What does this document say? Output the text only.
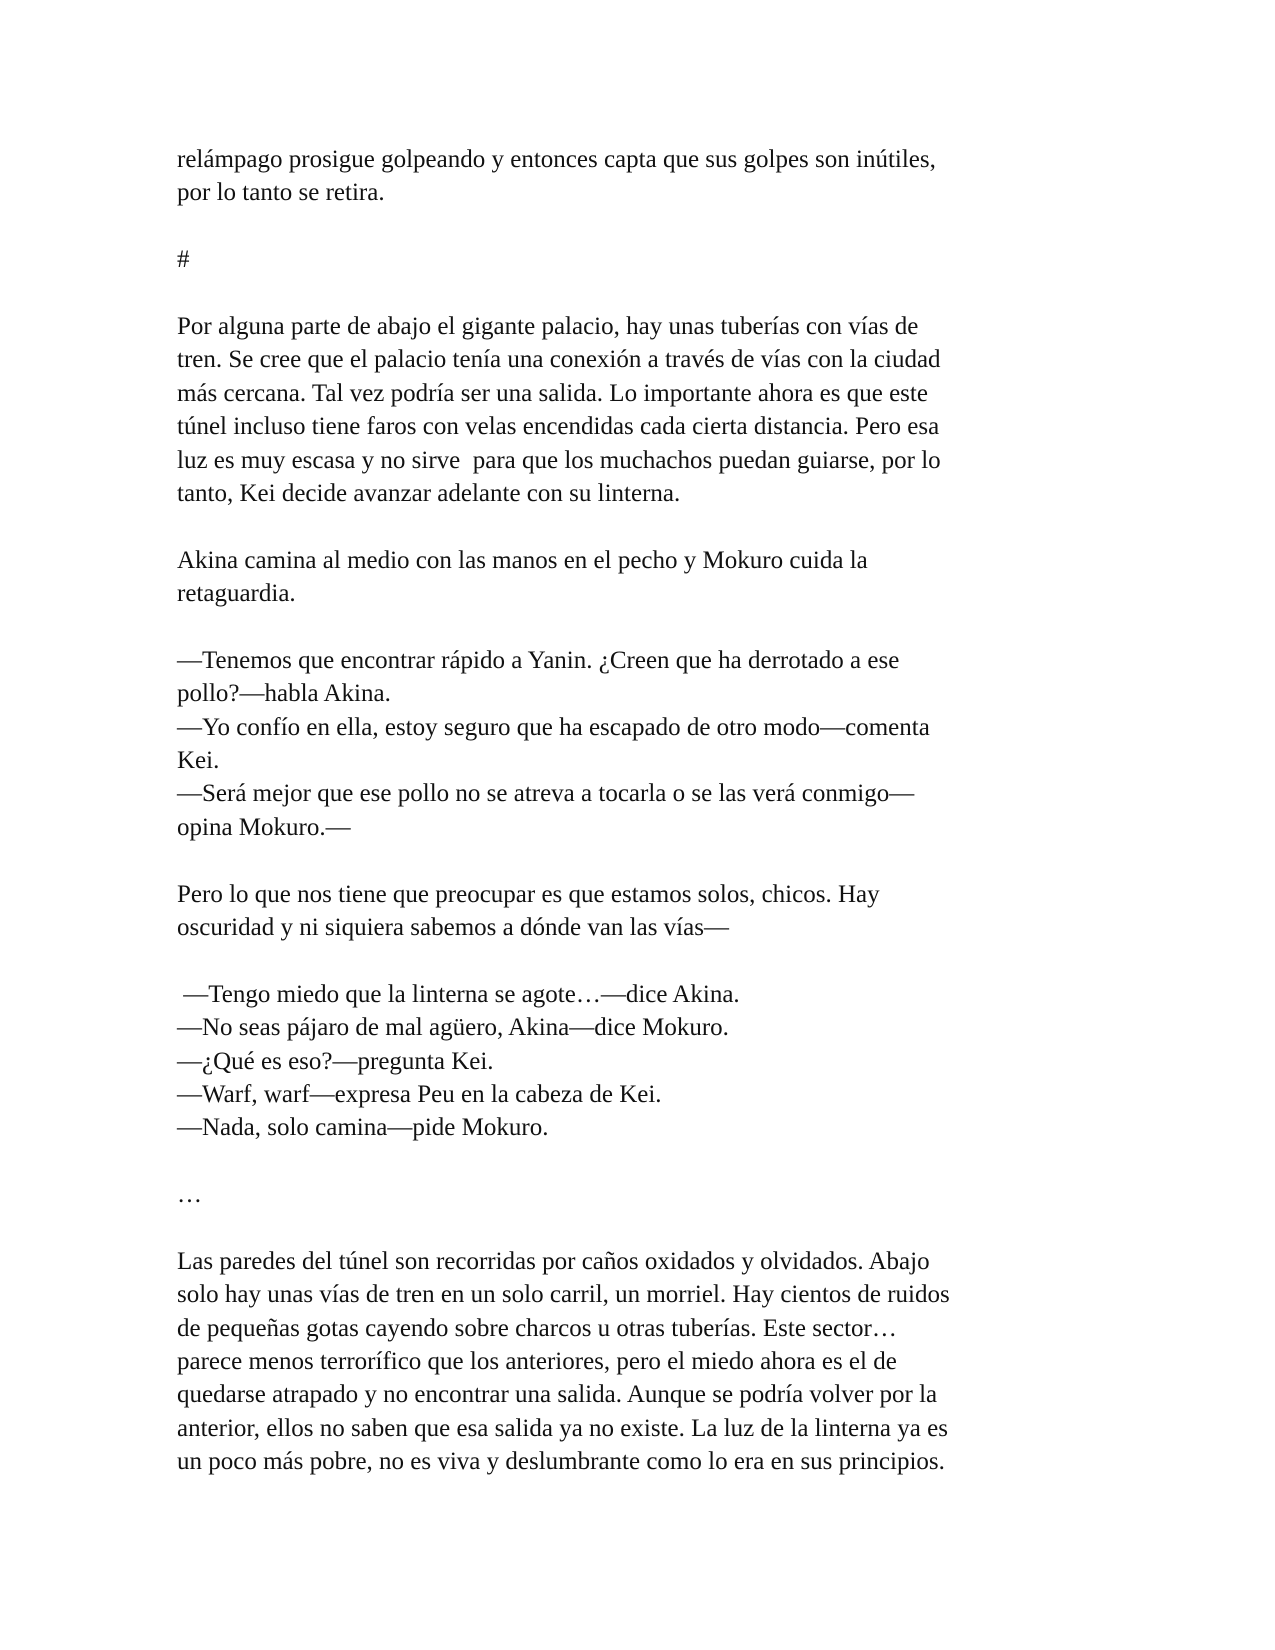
relámpago prosigue golpeando y entonces capta que sus golpes son inútiles,
por lo tanto se retira.
#
Por alguna parte de abajo el gigante palacio, hay unas tuberías con vías de
tren. Se cree que el palacio tenía una conexión a través de vías con la ciudad
más cercana. Tal vez podría ser una salida. Lo importante ahora es que este
túnel incluso tiene faros con velas encendidas cada cierta distancia. Pero esa
luz es muy escasa y no sirve  para que los muchachos puedan guiarse, por lo
tanto, Kei decide avanzar adelante con su linterna.
Akina camina al medio con las manos en el pecho y Mokuro cuida la
retaguardia.
—Tenemos que encontrar rápido a Yanin. ¿Creen que ha derrotado a ese
pollo?—habla Akina.
—Yo confío en ella, estoy seguro que ha escapado de otro modo—comenta
Kei.
—Será mejor que ese pollo no se atreva a tocarla o se las verá conmigo—
opina Mokuro.—
Pero lo que nos tiene que preocupar es que estamos solos, chicos. Hay
oscuridad y ni siquiera sabemos a dónde van las vías—
—Tengo miedo que la linterna se agote…—dice Akina.
—No seas pájaro de mal agüero, Akina—dice Mokuro.
—¿Qué es eso?—pregunta Kei.
—Warf, warf—expresa Peu en la cabeza de Kei.
—Nada, solo camina—pide Mokuro.
…
Las paredes del túnel son recorridas por caños oxidados y olvidados. Abajo
solo hay unas vías de tren en un solo carril, un morriel. Hay cientos de ruidos
de pequeñas gotas cayendo sobre charcos u otras tuberías. Este sector…
parece menos terrorífico que los anteriores, pero el miedo ahora es el de
quedarse atrapado y no encontrar una salida. Aunque se podría volver por la
anterior, ellos no saben que esa salida ya no existe. La luz de la linterna ya es
un poco más pobre, no es viva y deslumbrante como lo era en sus principios.
